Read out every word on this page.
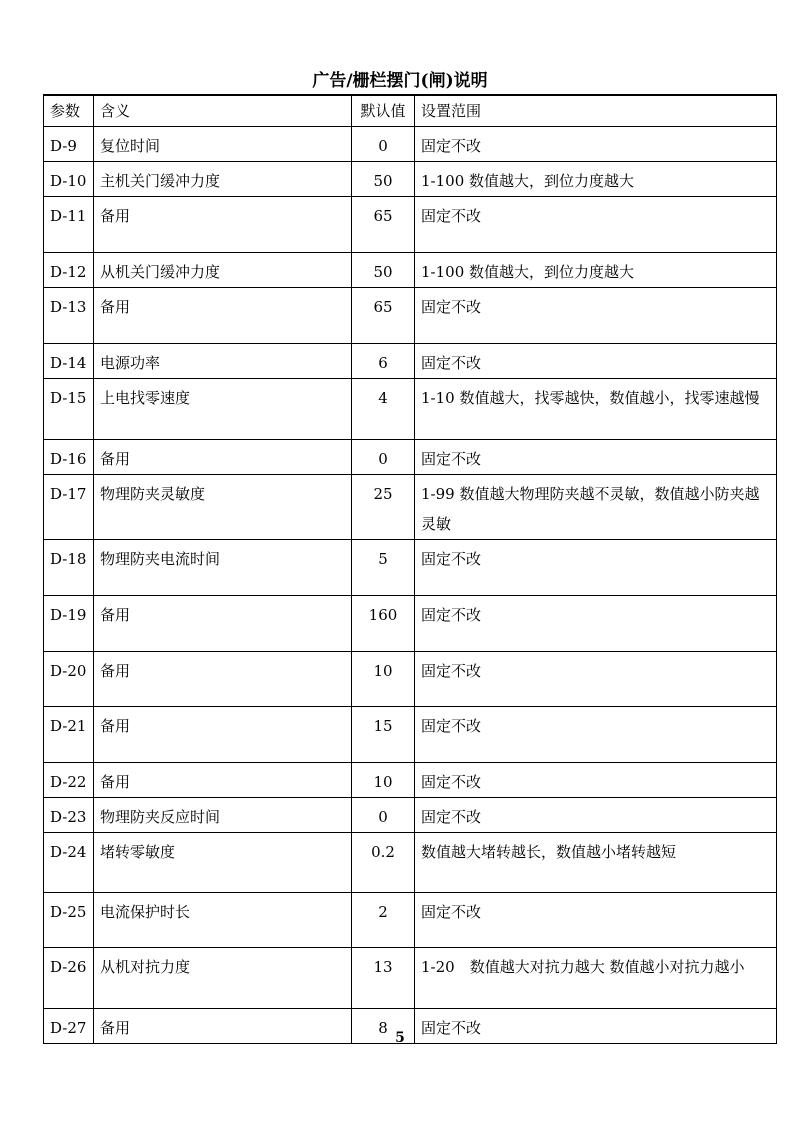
广告/栅栏摆门(闸)说明
参数	含义	默认值	设置范围
D-9	复位时间	0	固定不改
D-10	主机关门缓冲力度	50	1-100 数值越大，到位力度越大
D-11	备用	65	固定不改
D-12	从机关门缓冲力度	50	1-100 数值越大，到位力度越大
D-13	备用	65	固定不改
D-14	电源功率	6	固定不改
D-15	上电找零速度	4	1-10 数值越大，找零越快，数值越小，找零速越慢
D-16	备用	0	固定不改
D-17	物理防夹灵敏度	25	1-99 数值越大物理防夹越不灵敏，数值越小防夹越灵敏
D-18	物理防夹电流时间	5	固定不改
D-19	备用	160	固定不改
D-20	备用	10	固定不改
D-21	备用	15	固定不改
D-22	备用	10	固定不改
D-23	物理防夹反应时间	0	固定不改
D-24	堵转零敏度	0.2	数值越大堵转越长，数值越小堵转越短
D-25	电流保护时长	2	固定不改
D-26	从机对抗力度	13	1-20　数值越大对抗力越大 数值越小对抗力越小
D-27	备用	8	固定不改
5
